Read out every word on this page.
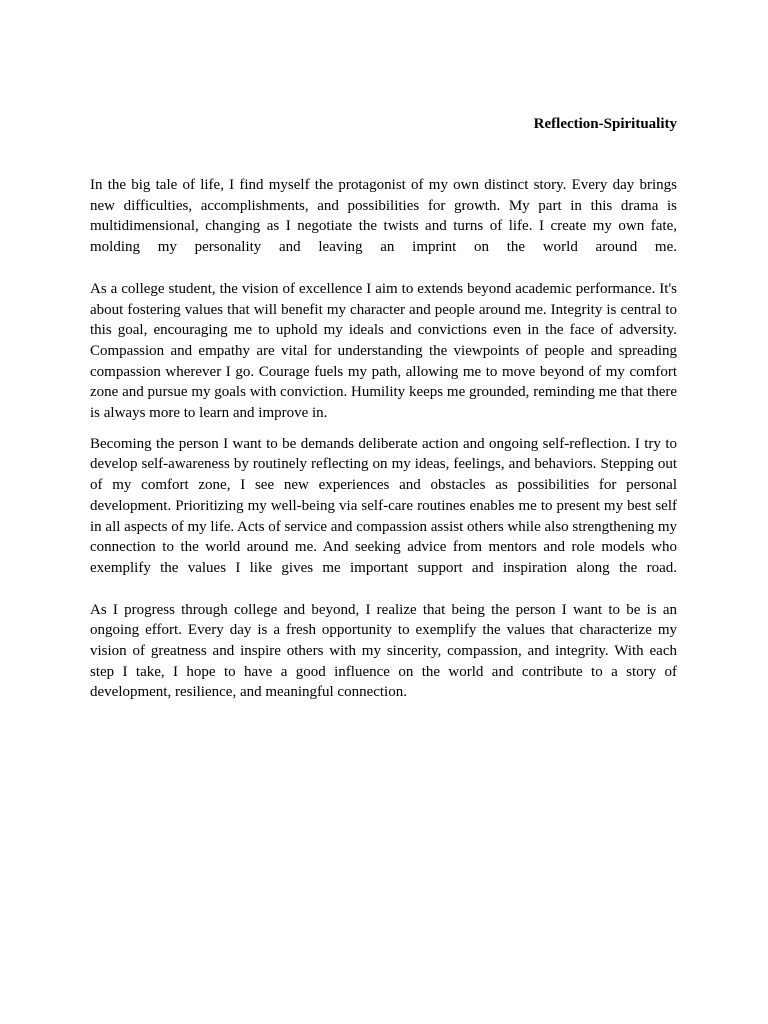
Reflection-Spirituality

In the big tale of life, I find myself the protagonist of my own distinct story. Every day brings new difficulties, accomplishments, and possibilities for growth. My part in this drama is multidimensional, changing as I negotiate the twists and turns of life. I create my own fate, molding my personality and leaving an imprint on the world around me.

As a college student, the vision of excellence I aim to extends beyond academic performance. It's about fostering values that will benefit my character and people around me. Integrity is central to this goal, encouraging me to uphold my ideals and convictions even in the face of adversity. Compassion and empathy are vital for understanding the viewpoints of people and spreading compassion wherever I go. Courage fuels my path, allowing me to move beyond of my comfort zone and pursue my goals with conviction. Humility keeps me grounded, reminding me that there is always more to learn and improve in.

Becoming the person I want to be demands deliberate action and ongoing self-reflection. I try to develop self-awareness by routinely reflecting on my ideas, feelings, and behaviors. Stepping out of my comfort zone, I see new experiences and obstacles as possibilities for personal development. Prioritizing my well-being via self-care routines enables me to present my best self in all aspects of my life. Acts of service and compassion assist others while also strengthening my connection to the world around me. And seeking advice from mentors and role models who exemplify the values I like gives me important support and inspiration along the road.

As I progress through college and beyond, I realize that being the person I want to be is an ongoing effort. Every day is a fresh opportunity to exemplify the values that characterize my vision of greatness and inspire others with my sincerity, compassion, and integrity. With each step I take, I hope to have a good influence on the world and contribute to a story of development, resilience, and meaningful connection.
